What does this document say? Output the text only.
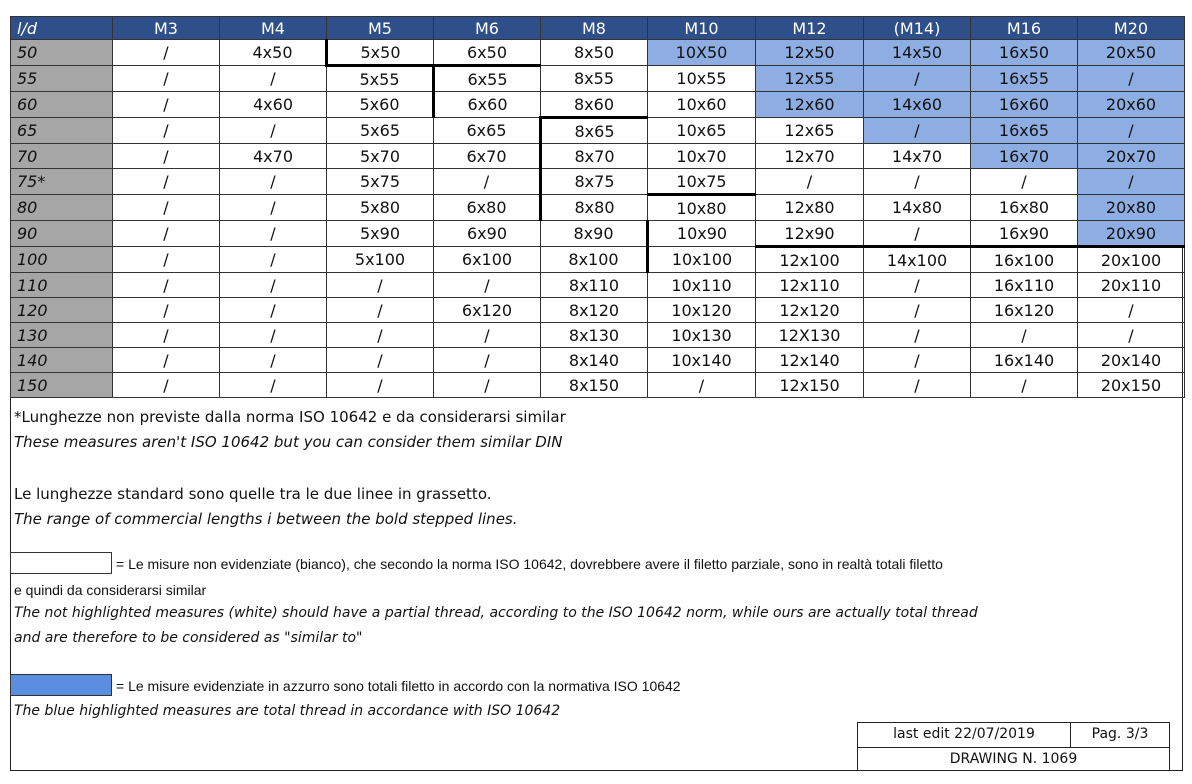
l/d	M3	M4	M5	M6	M8	M10	M12	(M14)	M16	M20
50	/	4x50	5x50	6x50	8x50	10X50	12x50	14x50	16x50	20x50
55	/	/	5x55	6x55	8x55	10x55	12x55	/	16x55	/
60	/	4x60	5x60	6x60	8x60	10x60	12x60	14x60	16x60	20x60
65	/	/	5x65	6x65	8x65	10x65	12x65	/	16x65	/
70	/	4x70	5x70	6x70	8x70	10x70	12x70	14x70	16x70	20x70
75*	/	/	5x75	/	8x75	10x75	/	/	/	/
80	/	/	5x80	6x80	8x80	10x80	12x80	14x80	16x80	20x80
90	/	/	5x90	6x90	8x90	10x90	12x90	/	16x90	20x90
100	/	/	5x100	6x100	8x100	10x100	12x100	14x100	16x100	20x100
110	/	/	/	/	8x110	10x110	12x110	/	16x110	20x110
120	/	/	/	6x120	8x120	10x120	12x120	/	16x120	/
130	/	/	/	/	8x130	10x130	12X130	/	/	/
140	/	/	/	/	8x140	10x140	12x140	/	16x140	20x140
150	/	/	/	/	8x150	/	12x150	/	/	20x150
*Lunghezze non previste dalla norma ISO 10642 e da considerarsi similar
These measures aren't ISO 10642 but you can consider them similar DIN
Le lunghezze standard sono quelle tra le due linee in grassetto.
The range of commercial lengths i between the bold stepped lines.
= Le misure non evidenziate (bianco), che secondo la norma ISO 10642, dovrebbere avere il filetto parziale, sono in realtà totali filetto
e quindi da considerarsi similar
The not highlighted measures (white) should have a partial thread, according to the ISO 10642 norm, while ours are actually total thread
and are therefore to be considered as "similar to"
= Le misure evidenziate in azzurro sono totali filetto in accordo con la normativa ISO 10642
The blue highlighted measures are total thread in accordance with ISO 10642
last edit 22/07/2019	Pag. 3/3
DRAWING N. 1069
